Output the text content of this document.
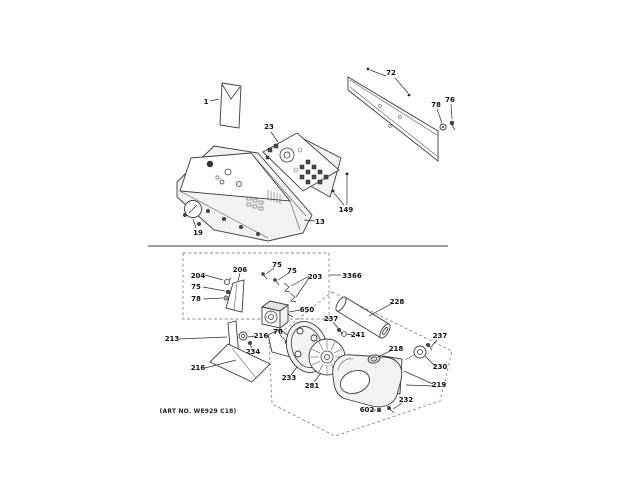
1
72
78
76
23
149
13
19
3366
204
206
75
78
75
75
203
650
213	216
234
216
76
233
281
228
237
241
218
237
230
219
232
602
(ART NO. WE929 C18)
